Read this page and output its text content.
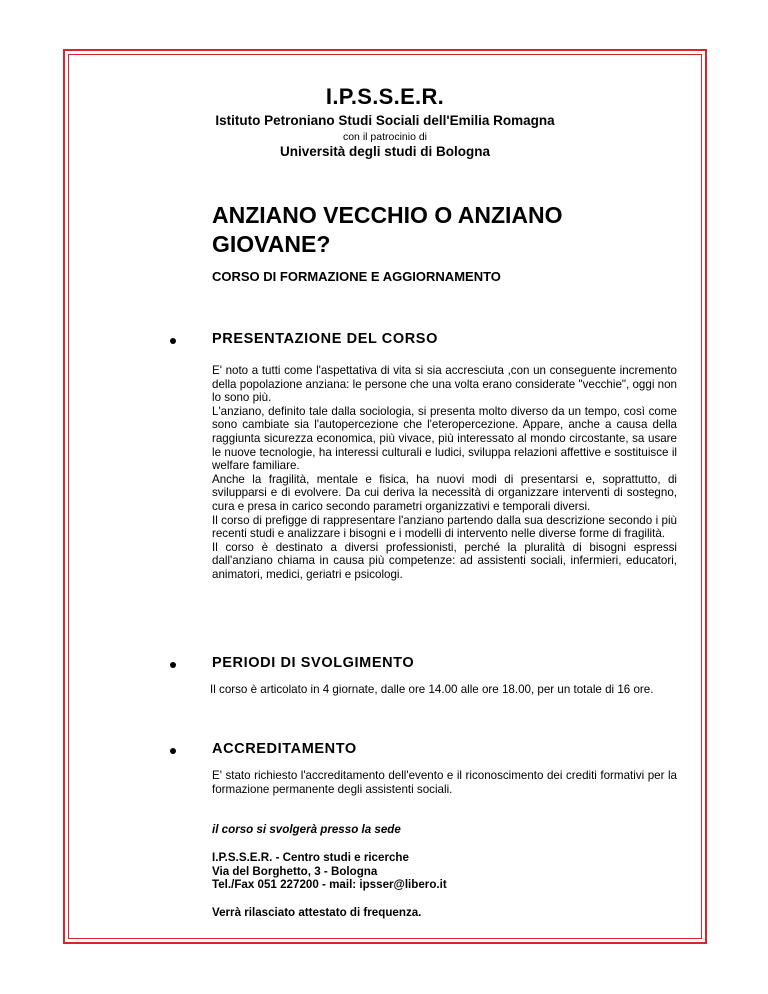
I.P.S.S.E.R.
Istituto Petroniano Studi Sociali dell'Emilia Romagna
con il patrocinio di
Università degli studi di Bologna
ANZIANO VECCHIO O ANZIANO
GIOVANE?
CORSO DI FORMAZIONE E AGGIORNAMENTO
PRESENTAZIONE DEL CORSO

E' noto a tutti come l'aspettativa di vita si sia accresciuta ,con un conseguente incremento della popolazione anziana: le persone che una volta erano considerate "vecchie", oggi non lo sono più.

L'anziano, definito tale dalla sociologia, si presenta molto diverso da un tempo, così come sono cambiate sia l'autopercezione che l'eteropercezione. Appare, anche a causa della raggiunta sicurezza economica, più vivace, più interessato al mondo circostante, sa usare le nuove tecnologie, ha interessi culturali e ludici, sviluppa relazioni affettive e sostituisce il welfare familiare.

Anche la fragilità, mentale e fisica, ha nuovi modi di presentarsi e, soprattutto, di svilupparsi e di evolvere. Da cui deriva la necessità di organizzare interventi di sostegno, cura e presa in carico secondo parametri organizzativi e temporali diversi.

Il corso di prefigge di rappresentare l'anziano partendo dalla sua descrizione secondo i più recenti studi e analizzare i bisogni e i modelli di intervento nelle diverse forme di fragilità.

Il corso è destinato a diversi professionisti, perché la pluralità di bisogni espressi dall'anziano chiama in causa più competenze: ad assistenti sociali, infermieri, educatori, animatori, medici, geriatri e psicologi.

PERIODI DI SVOLGIMENTO

Il corso è articolato in 4 giornate, dalle ore 14.00 alle ore 18.00, per un totale di 16 ore.

ACCREDITAMENTO

E' stato richiesto l'accreditamento dell'evento e il riconoscimento dei crediti formativi per la formazione permanente degli assistenti sociali.

il corso si svolgerà presso la sede
I.P.S.S.E.R. - Centro studi e ricerche
Via del Borghetto, 3 - Bologna
Tel./Fax 051 227200 - mail: ipsser@libero.it
Verrà rilasciato attestato di frequenza.
